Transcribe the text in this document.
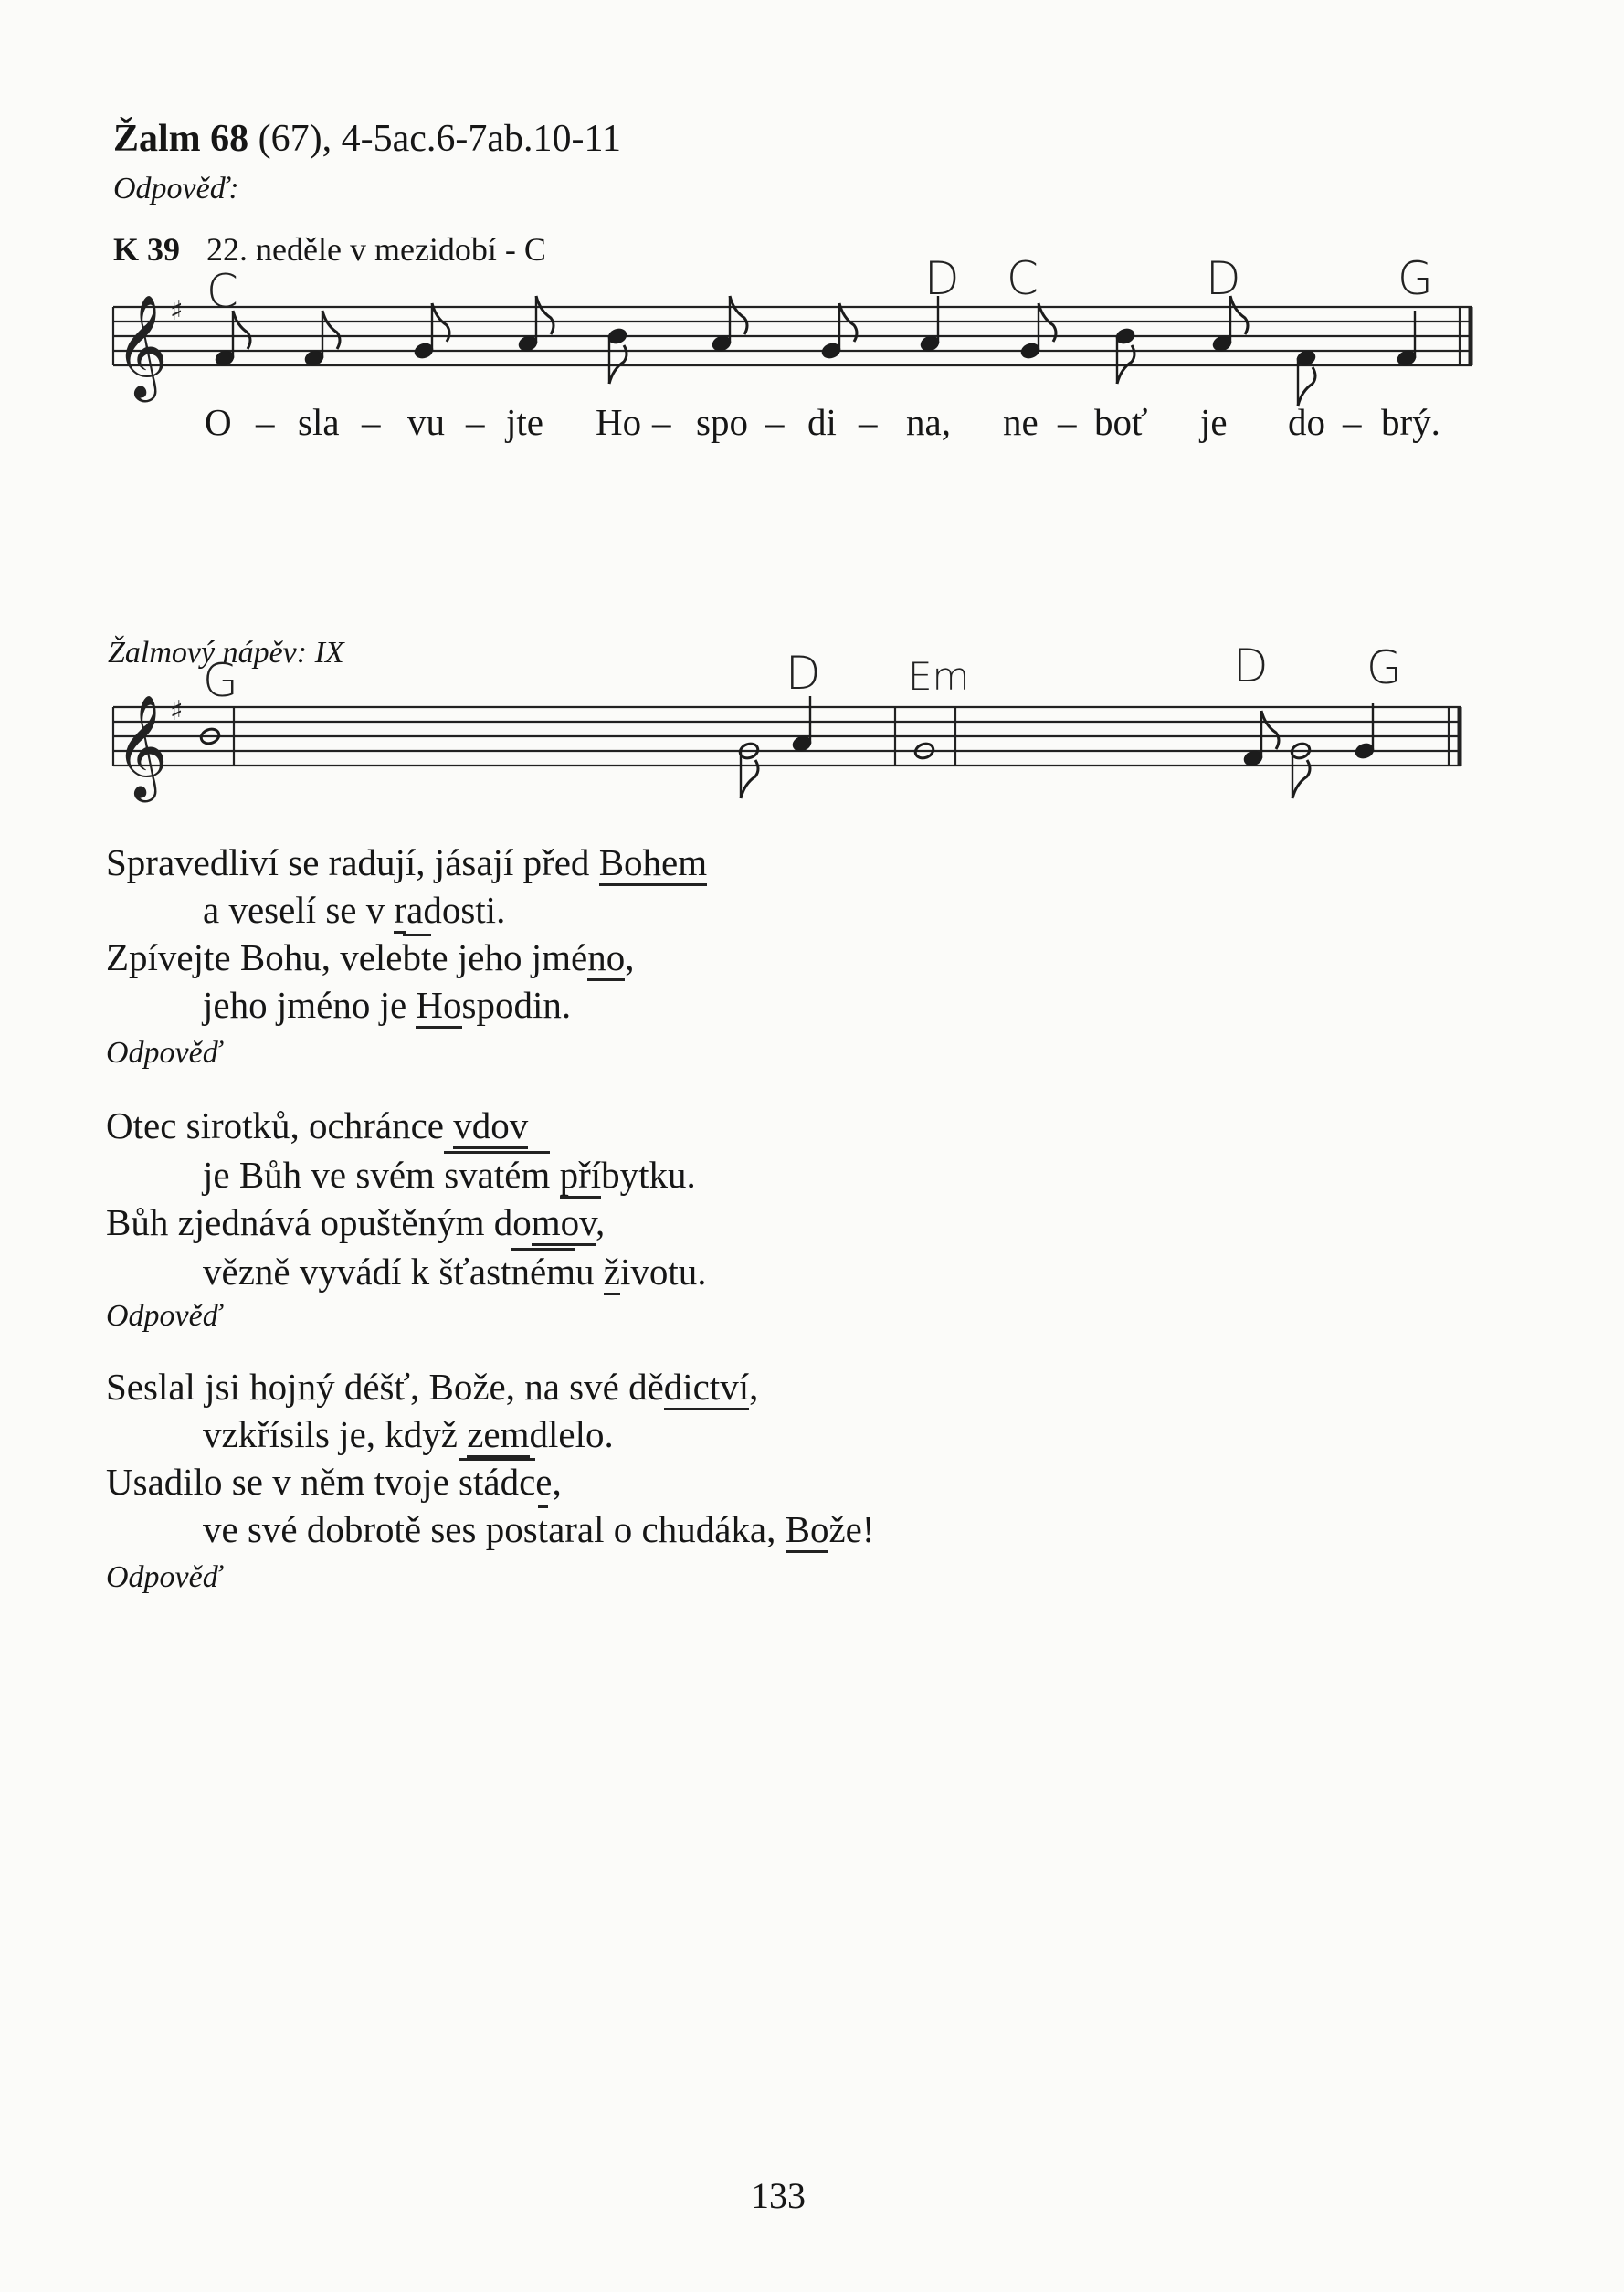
Žalm 68 (67), 4-5ac.6-7ab.10-11
Odpověď:
K 39 22. neděle v mezidobí - C
C	D C	D	G
𝄞 ♯
O – sla – vu – jte Ho – spo – di – na, ne – boť je do – brý.
Žalmový nápěv: IX
G	D Em	D G
𝄞 ♯
Spravedliví se radují, jásají před Bohem
a veselí se v radosti.
Zpívejte Bohu, velebte jeho jméno,
jeho jméno je Hospodin.
Odpověď
Otec sirotků, ochránce vdov
je Bůh ve svém svatém příbytku.
Bůh zjednává opuštěným domov,
vězně vyvádí k šťastnému životu.
Odpověď
Seslal jsi hojný déšť, Bože, na své dědictví,
vzkřísils je, když zemdlelo.
Usadilo se v něm tvoje stádce,
ve své dobrotě ses postaral o chudáka, Bože!
Odpověď
133
